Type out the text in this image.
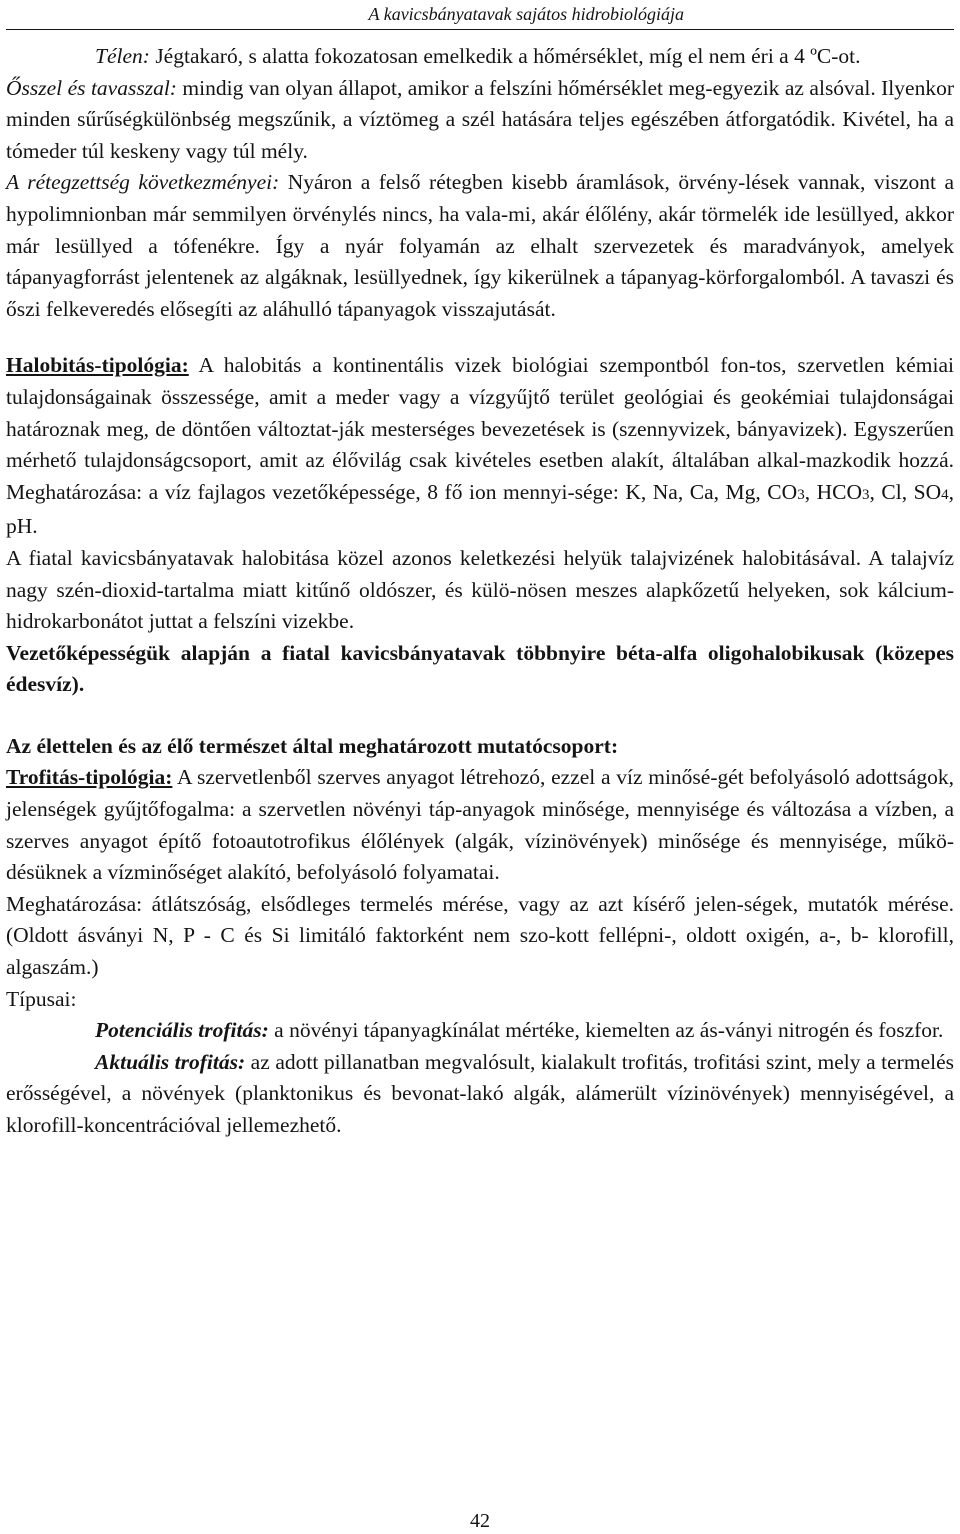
A kavicsbányatavak sajátos hidrobiológiája

Télen: Jégtakaró, s alatta fokozatosan emelkedik a hőmérséklet, míg el nem éri a 4 ºC-ot.

Ősszel és tavasszal: mindig van olyan állapot, amikor a felszíni hőmérséklet meg-egyezik az alsóval. Ilyenkor minden sűrűségkülönbség megszűnik, a víztömeg a szél hatására teljes egészében átforgatódik. Kivétel, ha a tómeder túl keskeny vagy túl mély.

A rétegzettség következményei: Nyáron a felső rétegben kisebb áramlások, örvény-lések vannak, viszont a hypolimnionban már semmilyen örvénylés nincs, ha vala-mi, akár élőlény, akár törmelék ide lesüllyed, akkor már lesüllyed a tófenékre. Így a nyár folyamán az elhalt szervezetek és maradványok, amelyek tápanyagforrást jelentenek az algáknak, lesüllyednek, így kikerülnek a tápanyag-körforgalomból. A tavaszi és őszi felkeveredés elősegíti az aláhulló tápanyagok visszajutását.

Halobitás-tipológia: A halobitás a kontinentális vizek biológiai szempontból fon-tos, szervetlen kémiai tulajdonságainak összessége, amit a meder vagy a vízgyűjtő terület geológiai és geokémiai tulajdonságai határoznak meg, de döntően változtat-ják mesterséges bevezetések is (szennyvizek, bányavizek). Egyszerűen mérhető tulajdonságcsoport, amit az élővilág csak kivételes esetben alakít, általában alkal-mazkodik hozzá. Meghatározása: a víz fajlagos vezetőképessége, 8 fő ion mennyi-sége: K, Na, Ca, Mg, CO3, HCO3, Cl, SO4, pH.

A fiatal kavicsbányatavak halobitása közel azonos keletkezési helyük talajvizének halobitásával. A talajvíz nagy szén-dioxid-tartalma miatt kitűnő oldószer, és külö-nösen meszes alapkőzetű helyeken, sok kálcium- hidrokarbonátot juttat a felszíni vizekbe.

Vezetőképességük alapján a fiatal kavicsbányatavak többnyire béta-alfa oligohalobikusak (közepes édesvíz).

Az élettelen és az élő természet által meghatározott mutatócsoport:

Trofitás-tipológia: A szervetlenből szerves anyagot létrehozó, ezzel a víz minősé-gét befolyásoló adottságok, jelenségek gyűjtőfogalma: a szervetlen növényi táp-anyagok minősége, mennyisége és változása a vízben, a szerves anyagot építő fotoautotrofikus élőlények (algák, vízinövények) minősége és mennyisége, műkö-désüknek a vízminőséget alakító, befolyásoló folyamatai.

Meghatározása: átlátszóság, elsődleges termelés mérése, vagy az azt kísérő jelen-ségek, mutatók mérése. (Oldott ásványi N, P - C és Si limitáló faktorként nem szo-kott fellépni-, oldott oxigén, a-, b- klorofill, algaszám.)

Típusai:

Potenciális trofitás: a növényi tápanyagkínálat mértéke, kiemelten az ás-ványi nitrogén és foszfor.

Aktuális trofitás: az adott pillanatban megvalósult, kialakult trofitás, trofitási szint, mely a termelés erősségével, a növények (planktonikus és bevonat-lakó algák, alámerült vízinövények) mennyiségével, a klorofill-koncentrációval jellemezhető.

42
